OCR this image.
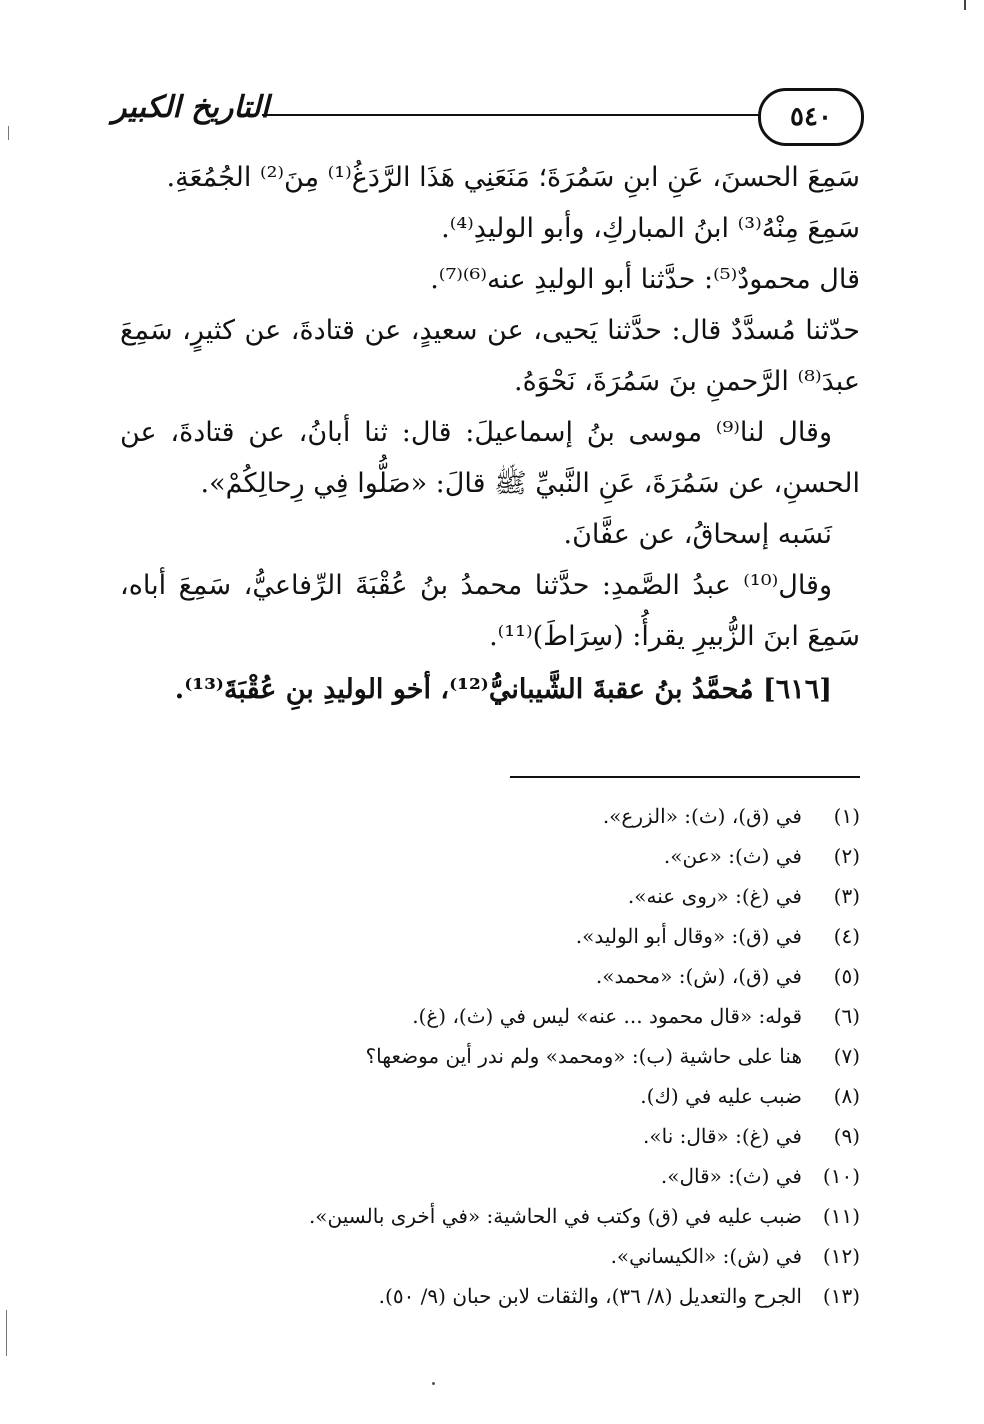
٥٤٠
التاريخ الكبير

سَمِعَ الحسنَ، عَنِ ابنِ سَمُرَةَ؛ مَنَعَنِي هَذَا الرَّدَغُ⁽¹⁾ مِنَ⁽²⁾ الجُمُعَةِ.

سَمِعَ مِنْهُ⁽³⁾ ابنُ المباركِ، وأبو الوليدِ⁽⁴⁾.

قال محمودٌ⁽⁵⁾: حدَّثنا أبو الوليدِ عنه⁽⁶⁾⁽⁷⁾.

حدّثنا مُسدَّدٌ قال: حدَّثنا يَحيى، عن سعيدٍ، عن قتادةَ، عن كثيرٍ، سَمِعَ عبدَ⁽⁸⁾ الرَّحمنِ بنَ سَمُرَةَ، نَحْوَهُ.

وقال لنا⁽⁹⁾ موسى بنُ إسماعيلَ: قال: ثنا أبانُ، عن قتادةَ، عن الحسنِ، عن سَمُرَةَ، عَنِ النَّبيِّ ﷺ قالَ: «صَلُّوا فِي رِحالِكُمْ».

نَسَبه إسحاقُ، عن عفَّانَ.

وقال⁽¹⁰⁾ عبدُ الصَّمدِ: حدَّثنا محمدُ بنُ عُقْبَةَ الرِّفاعيُّ، سَمِعَ أباه، سَمِعَ ابنَ الزُّبيرِ يقرأُ: (سِرَاطَ)⁽¹¹⁾.

[٦١٦] مُحمَّدُ بنُ عقبةَ الشَّيبانيُّ⁽¹²⁾، أخو الوليدِ بنِ عُقْبَةَ⁽¹³⁾.

(١)
في (ق)، (ث): «الزرع».
(٢)
في (ث): «عن».
(٣)
في (غ): «روى عنه».
(٤)
في (ق): «وقال أبو الوليد».
(٥)
في (ق)، (ش): «محمد».
(٦)
قوله: «قال محمود ... عنه» ليس في (ث)، (غ).
(٧)
هنا على حاشية (ب): «ومحمد» ولم ندر أين موضعها؟
(٨)
ضبب عليه في (ك).
(٩)
في (غ): «قال: نا».
(١٠)
في (ث): «قال».
(١١)
ضبب عليه في (ق) وكتب في الحاشية: «في أخرى بالسين».
(١٢)
في (ش): «الكيساني».
(١٣)
الجرح والتعديل (٨/ ٣٦)، والثقات لابن حبان (٩/ ٥٠).
